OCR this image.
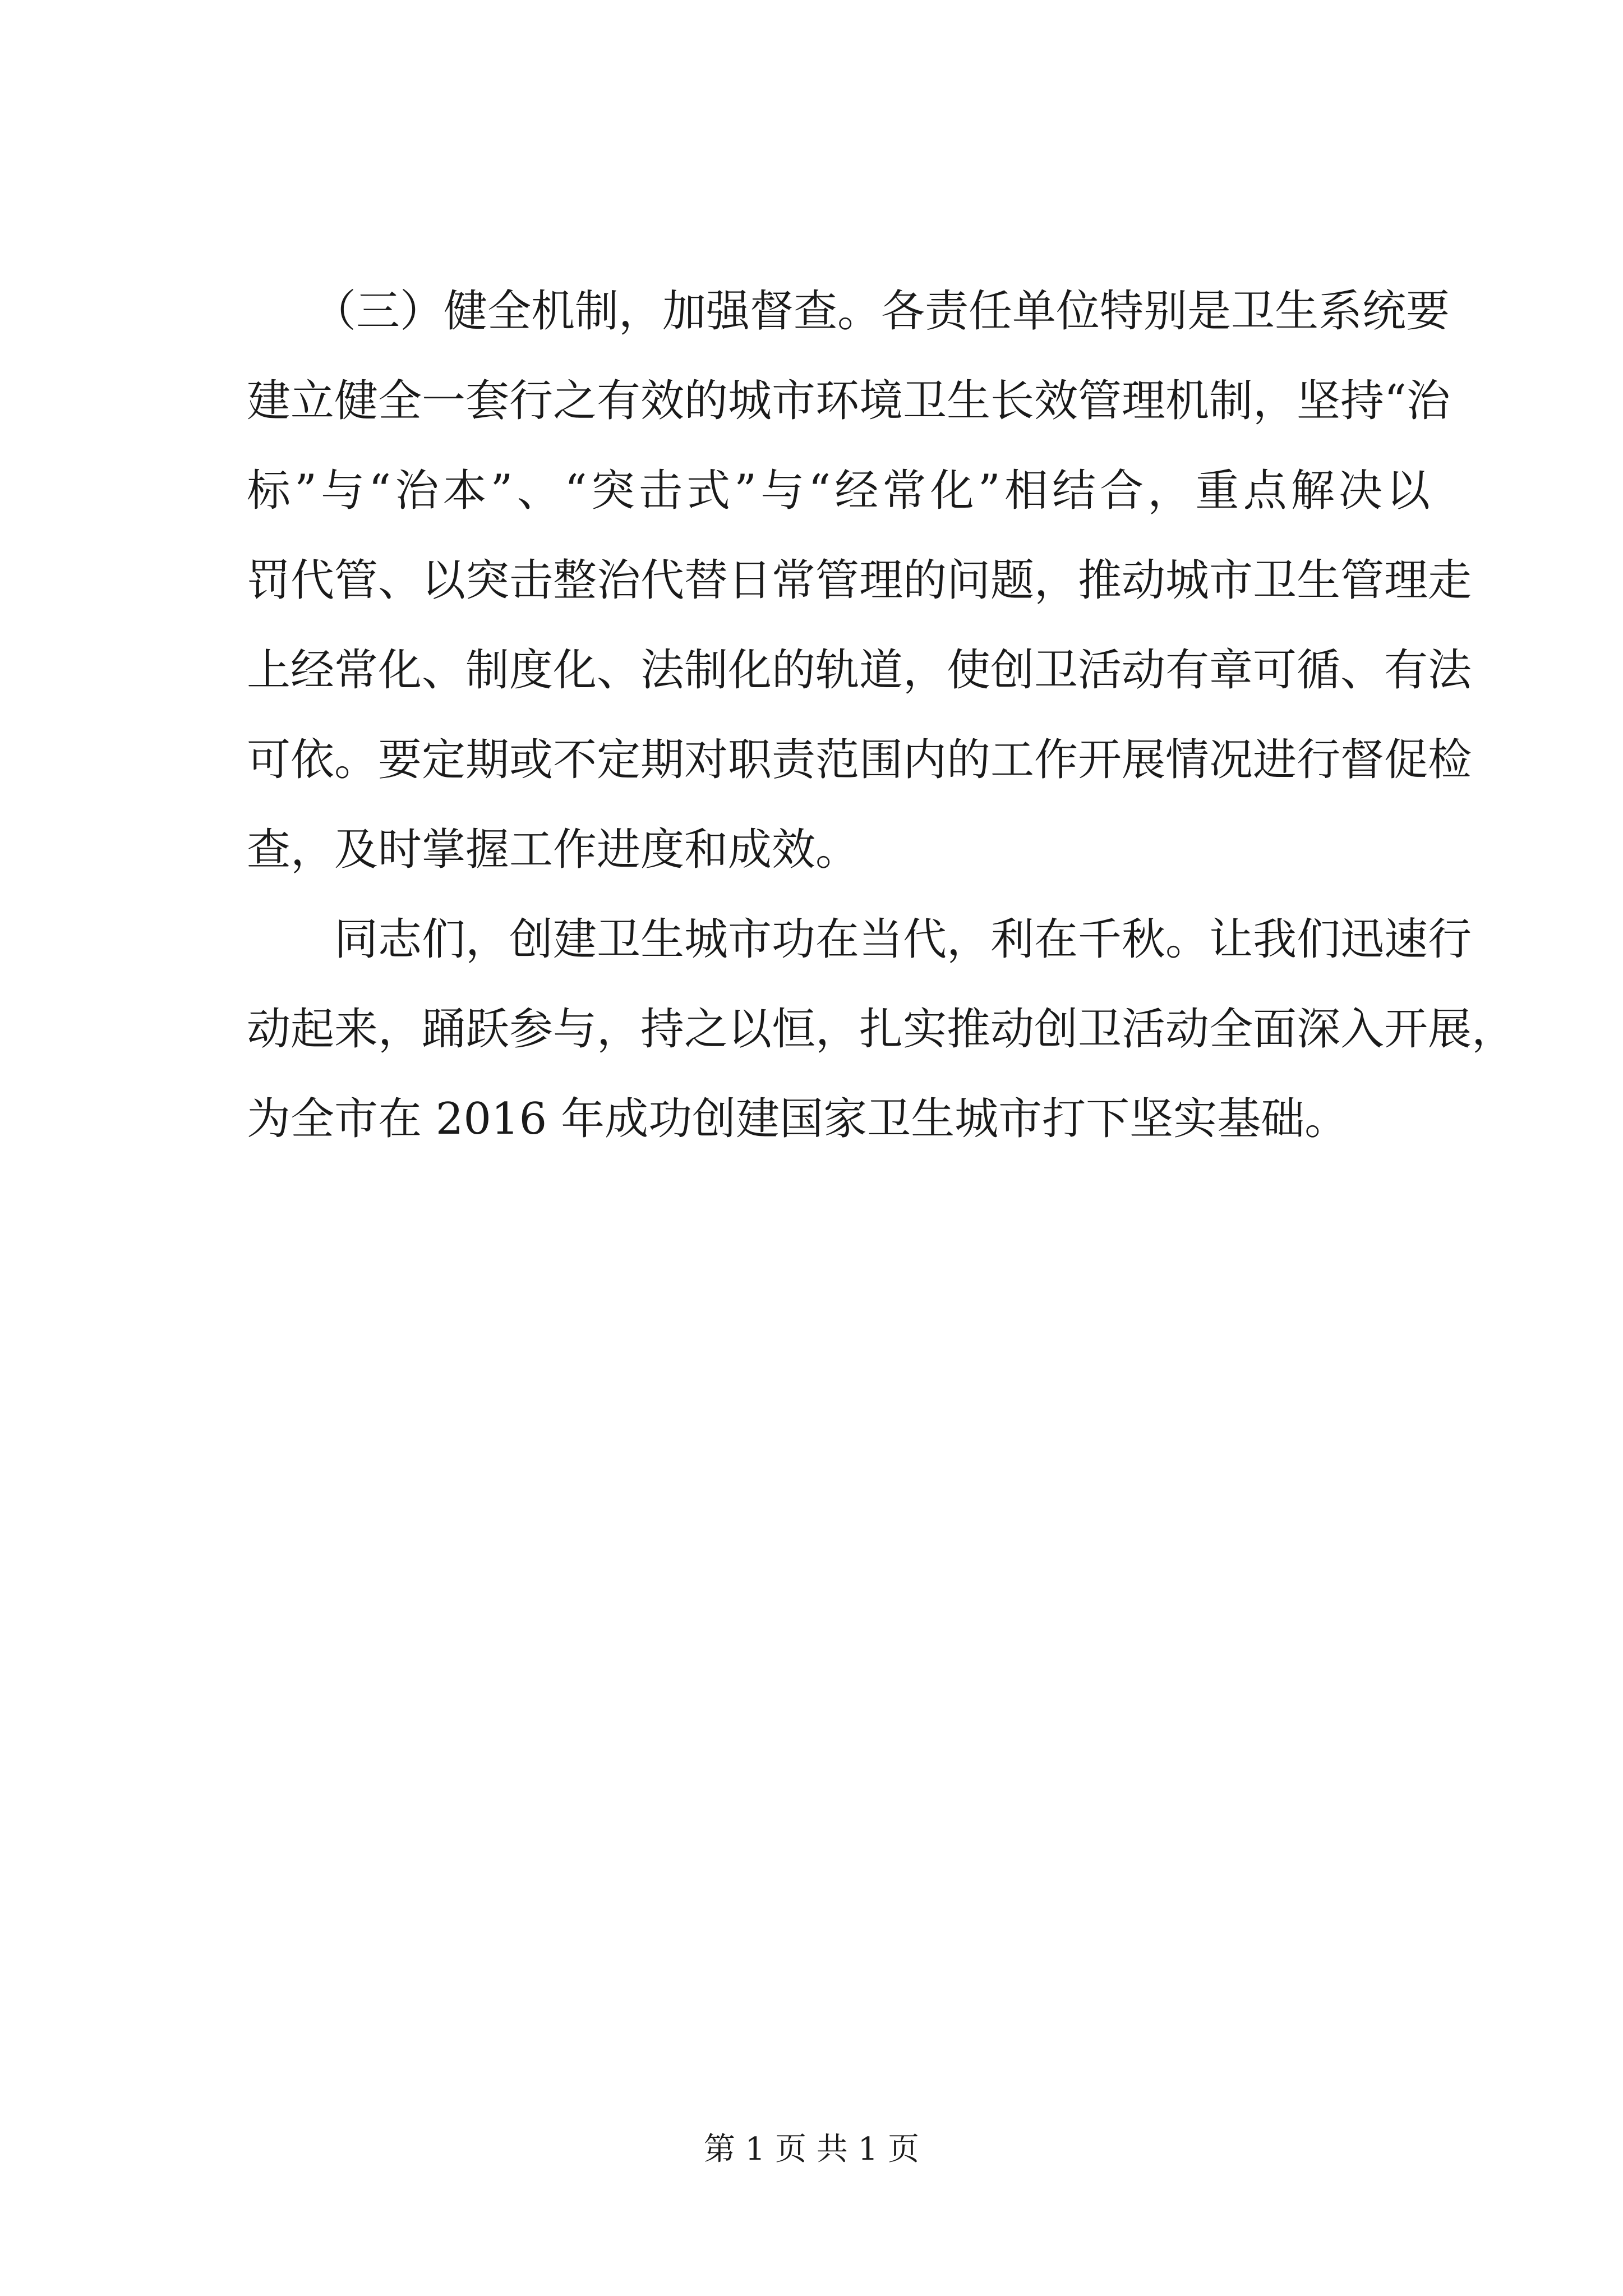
　　（三）健全机制，加强督查。各责任单位特别是卫生系统要
建立健全一套行之有效的城市环境卫生长效管理机制，坚持“治
标”与“治本”、“突击式”与“经常化”相结合，重点解决以
罚代管、以突击整治代替日常管理的问题，推动城市卫生管理走
上经常化、制度化、法制化的轨道，使创卫活动有章可循、有法
可依。要定期或不定期对职责范围内的工作开展情况进行督促检
查，及时掌握工作进度和成效。
　　同志们，创建卫生城市功在当代，利在千秋。让我们迅速行
动起来，踊跃参与，持之以恒，扎实推动创卫活动全面深入开展，
为全市在 2016 年成功创建国家卫生城市打下坚实基础。
第 1 页 共 1 页
